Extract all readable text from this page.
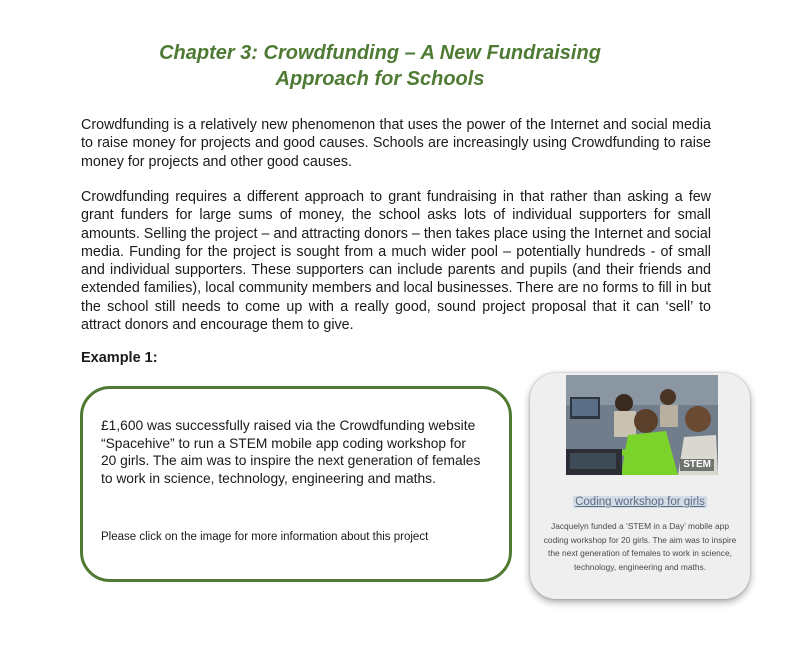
Chapter 3: Crowdfunding – A New Fundraising
Approach for Schools

Crowdfunding is a relatively new phenomenon that uses the power of the Internet and social media to raise money for projects and good causes. Schools are increasingly using Crowdfunding to raise money for projects and other good causes.

Crowdfunding requires a different approach to grant fundraising in that rather than asking a few grant funders for large sums of money, the school asks lots of individual supporters for small amounts. Selling the project – and attracting donors – then takes place using the Internet and social media. Funding for the project is sought from a much wider pool – potentially hundreds - of small and individual supporters. These supporters can include parents and pupils (and their friends and extended families), local community members and local businesses. There are no forms to fill in but the school still needs to come up with a really good, sound project proposal that it can ‘sell’ to attract donors and encourage them to give.

Example 1:

£1,600 was successfully raised via the Crowdfunding website “Spacehive” to run a STEM mobile app coding workshop for 20 girls. The aim was to inspire the next generation of females to work in science, technology, engineering and maths.

Please click on the image for more information about this project

STEM

Coding workshop for girls

Jacquelyn funded a ‘STEM in a Day’ mobile app coding workshop for 20 girls. The aim was to inspire the next generation of females to work in science, technology, engineering and maths.
